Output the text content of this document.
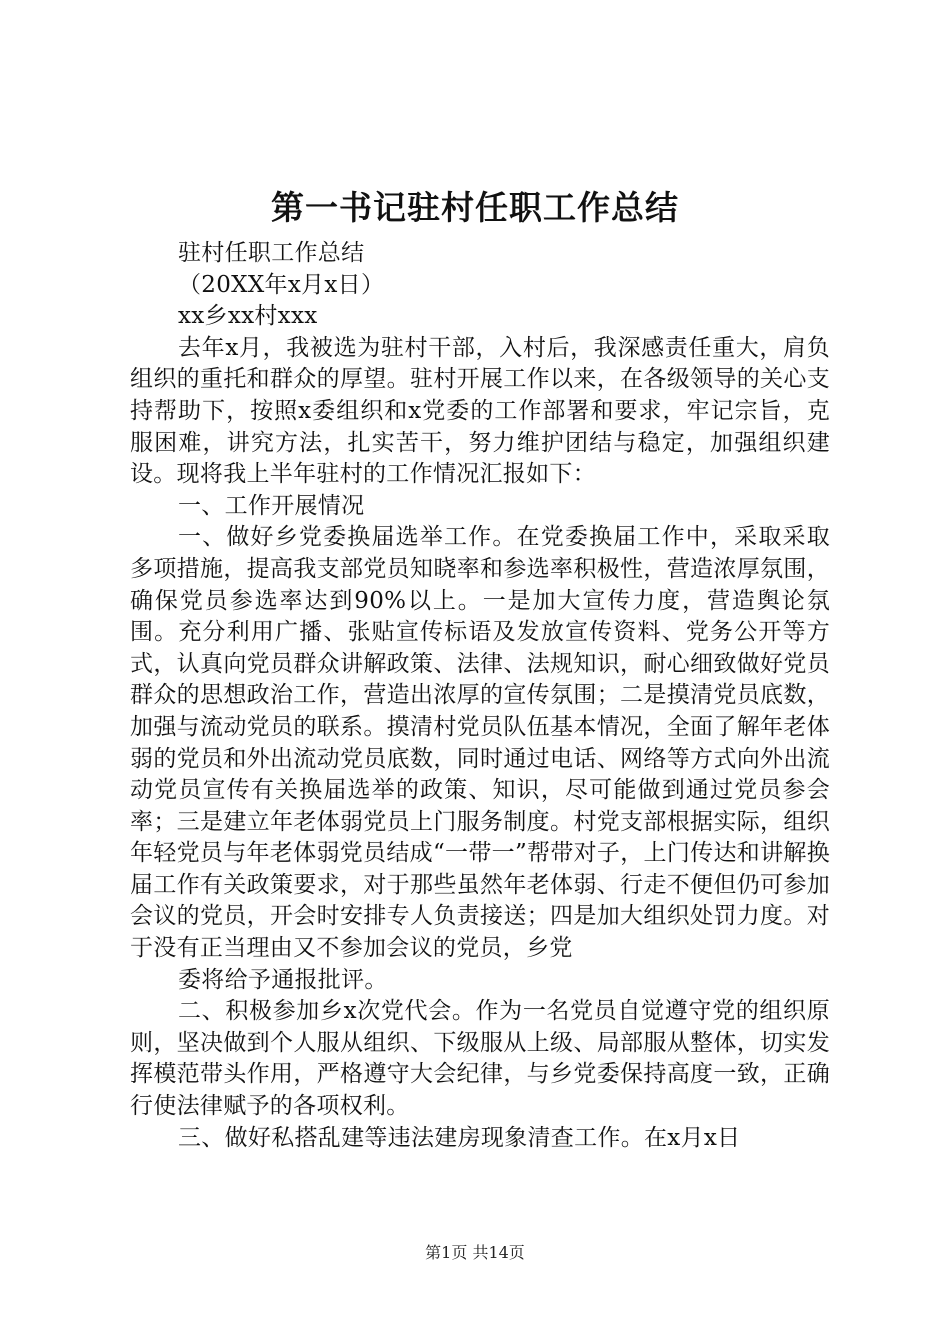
第一书记驻村任职工作总结

驻村任职工作总结

（20XX年x月x日）

xx乡xx村xxx

去年x月，我被选为驻村干部，入村后，我深感责任重大，肩负组织的重托和群众的厚望。驻村开展工作以来，在各级领导的关心支持帮助下，按照x委组织和x党委的工作部署和要求，牢记宗旨，克服困难，讲究方法，扎实苦干，努力维护团结与稳定，加强组织建设。现将我上半年驻村的工作情况汇报如下：

一、工作开展情况

一、做好乡党委换届选举工作。在党委换届工作中，采取采取多项措施，提高我支部党员知晓率和参选率积极性，营造浓厚氛围，确保党员参选率达到90%以上。一是加大宣传力度，营造舆论氛围。充分利用广播、张贴宣传标语及发放宣传资料、党务公开等方式，认真向党员群众讲解政策、法律、法规知识，耐心细致做好党员群众的思想政治工作，营造出浓厚的宣传氛围；二是摸清党员底数，加强与流动党员的联系。摸清村党员队伍基本情况，全面了解年老体弱的党员和外出流动党员底数，同时通过电话、网络等方式向外出流动党员宣传有关换届选举的政策、知识，尽可能做到通过党员参会率；三是建立年老体弱党员上门服务制度。村党支部根据实际，组织年轻党员与年老体弱党员结成“一带一”帮带对子，上门传达和讲解换届工作有关政策要求，对于那些虽然年老体弱、行走不便但仍可参加会议的党员，开会时安排专人负责接送；四是加大组织处罚力度。对于没有正当理由又不参加会议的党员，乡党

委将给予通报批评。

二、积极参加乡x次党代会。作为一名党员自觉遵守党的组织原则，坚决做到个人服从组织、下级服从上级、局部服从整体，切实发挥模范带头作用，严格遵守大会纪律，与乡党委保持高度一致，正确行使法律赋予的各项权利。

三、做好私搭乱建等违法建房现象清查工作。在x月x日

第1页 共14页
